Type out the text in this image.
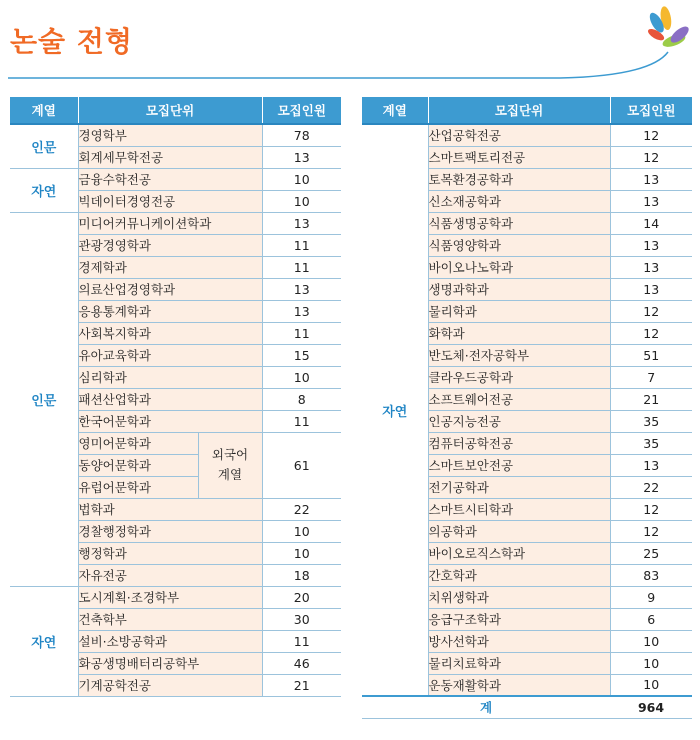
논술 전형
계열	모집단위		모집인원
인문	경영학부		78
	회계세무학전공		13
자연	금융수학전공		10
	빅데이터경영전공		10
인문	미디어커뮤니케이션학과		13
	관광경영학과		11
	경제학과		11
	의료산업경영학과		13
	응용통계학과		13
	사회복지학과		11
	유아교육학과		15
	심리학과		10
	패션산업학과		8
	한국어문학과		11
	영미어문학과	외국어 계열	61
	동양어문학과		
	유럽어문학과		
	법학과		22
	경찰행정학과		10
	행정학과		10
	자유전공		18
자연	도시계획·조경학부		20
	건축학부		30
	설비·소방공학과		11
	화공생명배터리공학부		46
	기계공학전공		21
계열	모집단위	모집인원
자연	산업공학전공	12
	스마트팩토리전공	12
	토목환경공학과	13
	신소재공학과	13
	식품생명공학과	14
	식품영양학과	13
	바이오나노학과	13
	생명과학과	13
	물리학과	12
	화학과	12
	반도체·전자공학부	51
	클라우드공학과	7
	소프트웨어전공	21
	인공지능전공	35
	컴퓨터공학전공	35
	스마트보안전공	13
	전기공학과	22
	스마트시티학과	12
	의공학과	12
	바이오로직스학과	25
	간호학과	83
	치위생학과	9
	응급구조학과	6
	방사선학과	10
	물리치료학과	10
	운동재활학과	10
계		964
